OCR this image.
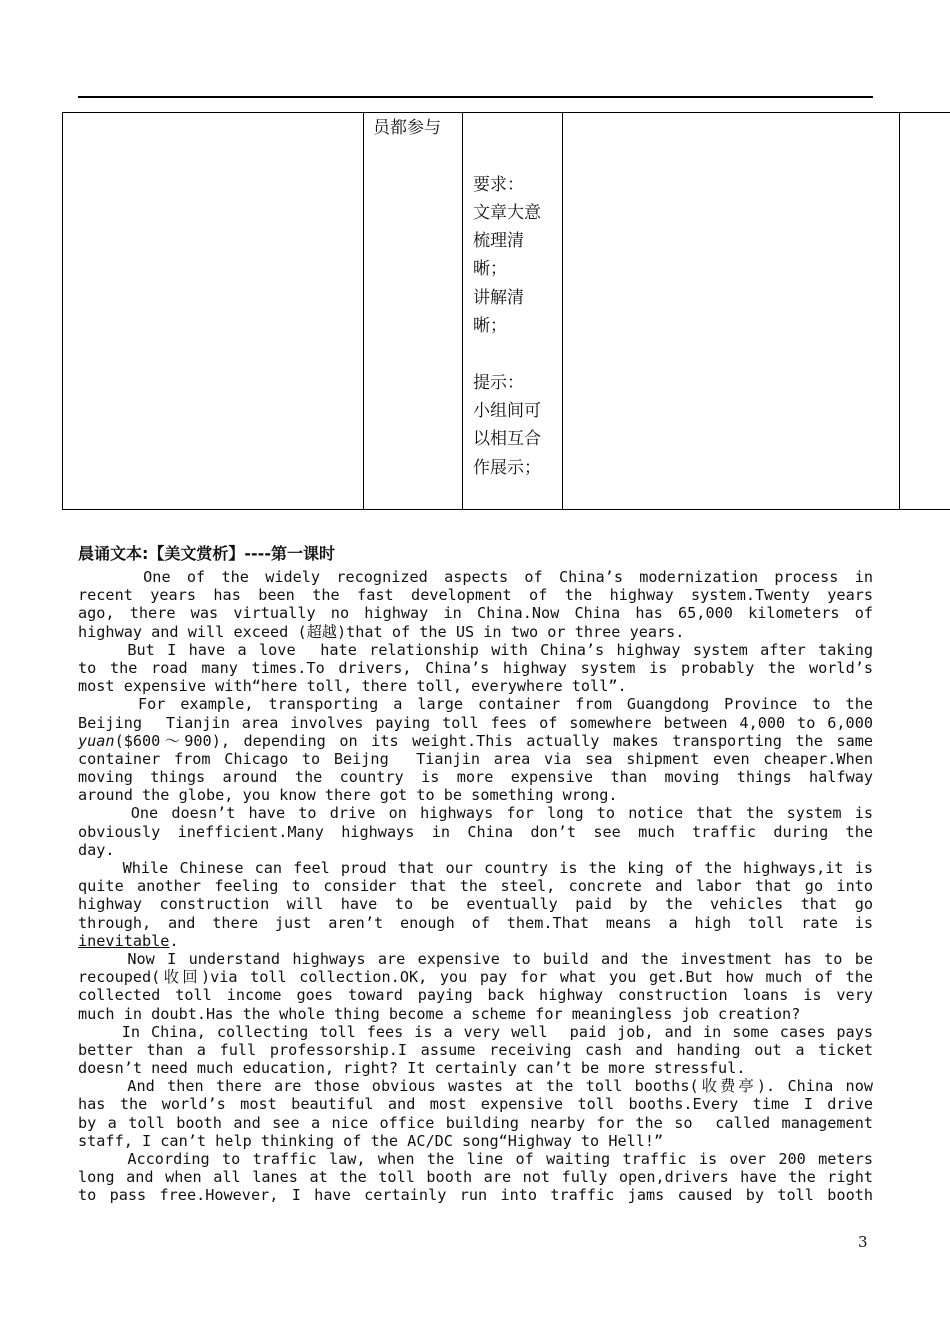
员都参与

要求：
文章大意
梳理清
晰；
讲解清
晰；

提示：
小组间可
以相互合
作展示；
晨诵文本:【美文赏析】----第一课时
One of the widely recognized aspects of China’s modernization process in
recent years has been the fast development of the highway system.Twenty years
ago, there was virtually no highway in China.Now China has 65,000 kilometers of
highway and will exceed (超越)that of the US in two or three years.
But I have a love  hate relationship with China’s highway system after taking
to the road many times.To drivers, China’s highway system is probably the world’s
most expensive with“here toll, there toll, everywhere toll”.
For example, transporting a large container from Guangdong Province to the
Beijing  Tianjin area involves paying toll fees of somewhere between 4,000 to 6,000
yuan($600～900), depending on its weight.This actually makes transporting the same
container from Chicago to Beijng  Tianjin area via sea shipment even cheaper.When
moving things around the country is more expensive than moving things halfway
around the globe, you know there got to be something wrong.
One doesn’t have to drive on highways for long to notice that the system is
obviously inefficient.Many highways in China don’t see much traffic during the
day.
While Chinese can feel proud that our country is the king of the highways,it is
quite another feeling to consider that the steel, concrete and labor that go into
highway construction will have to be eventually paid by the vehicles that go
through, and there just aren’t enough of them.That means a high toll rate is
inevitable.
Now I understand highways are expensive to build and the investment has to be
recouped(收回)via toll collection.OK, you pay for what you get.But how much of the
collected toll income goes toward paying back highway construction loans is very
much in doubt.Has the whole thing become a scheme for meaningless job creation?
In China, collecting toll fees is a very well  paid job, and in some cases pays
better than a full professorship.I assume receiving cash and handing out a ticket
doesn’t need much education, right? It certainly can’t be more stressful.
And then there are those obvious wastes at the toll booths(收费亭). China now
has the world’s most beautiful and most expensive toll booths.Every time I drive
by a toll booth and see a nice office building nearby for the so  called management
staff, I can’t help thinking of the AC/DC song“Highway to Hell!”
According to traffic law, when the line of waiting traffic is over 200 meters
long and when all lanes at the toll booth are not fully open,drivers have the right
to pass free.However, I have certainly run into traffic jams caused by toll booth
3
